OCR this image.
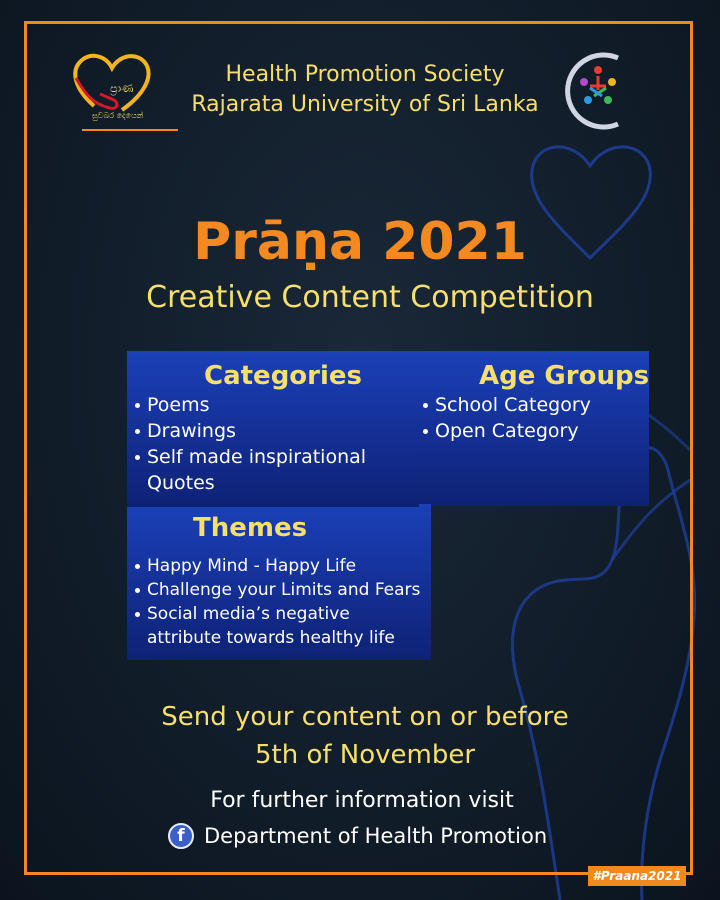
ප්‍රාණ
සුවබර දෙයෙන්
Health Promotion Society
Rajarata University of Sri Lanka
Prāṇa 2021
Creative Content Competition
Categories
Poems
Drawings
Self made inspirational Quotes
Age Groups
School Category
Open Category
Themes
Happy Mind - Happy Life
Challenge your Limits and Fears
Social media’s negative attribute towards healthy life
Send your content on or before
5th of November
For further information visit
f Department of Health Promotion
#Praana2021
